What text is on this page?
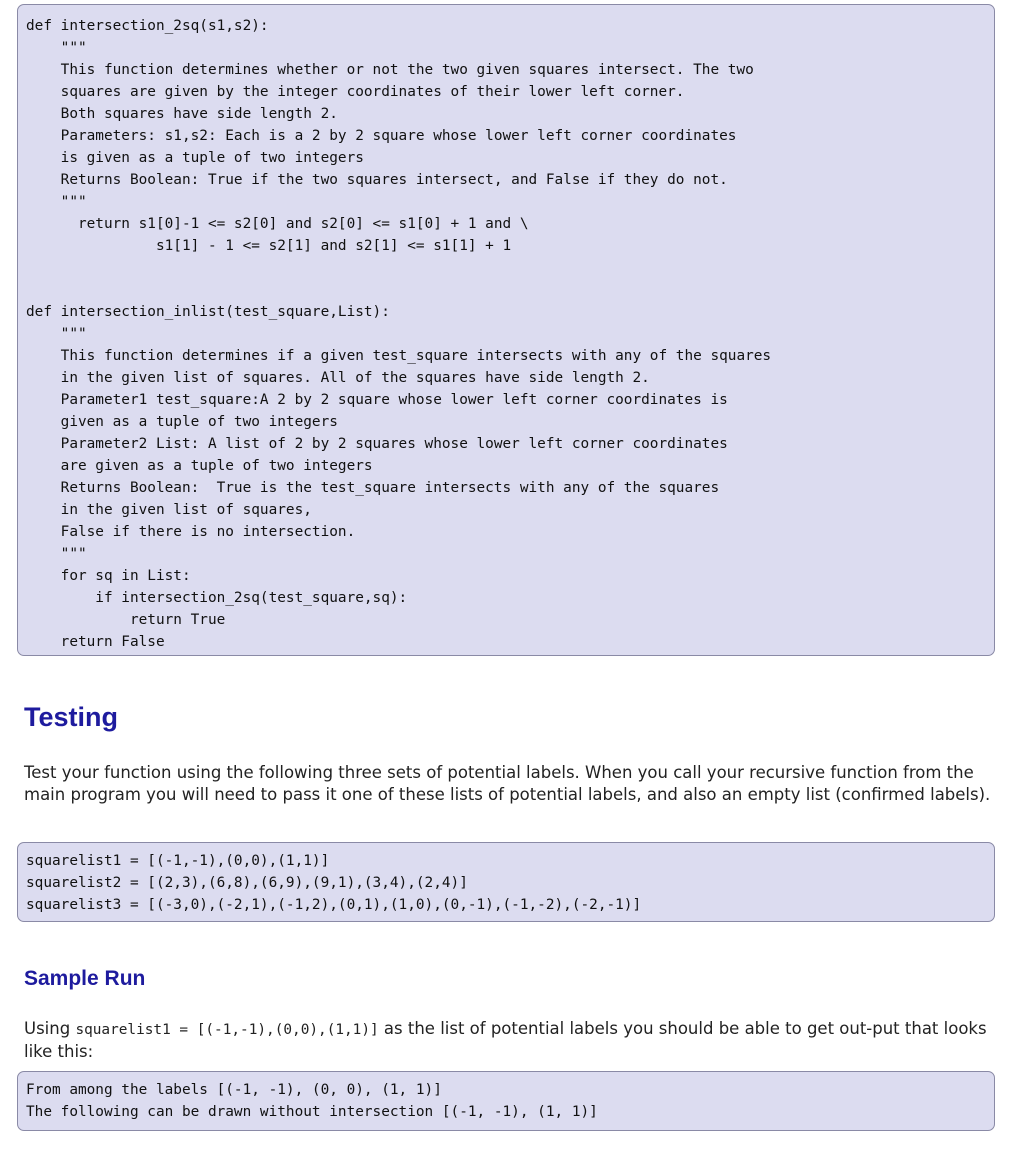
def intersection_2sq(s1,s2):
"""
This function determines whether or not the two given squares intersect. The two
squares are given by the integer coordinates of their lower left corner.
Both squares have side length 2.
Parameters: s1,s2: Each is a 2 by 2 square whose lower left corner coordinates
is given as a tuple of two integers
Returns Boolean: True if the two squares intersect, and False if they do not.
"""
return s1[0]-1 <= s2[0] and s2[0] <= s1[0] + 1 and \
s1[1] - 1 <= s2[1] and s2[1] <= s1[1] + 1
def intersection_inlist(test_square,List):
"""
This function determines if a given test_square intersects with any of the squares
in the given list of squares. All of the squares have side length 2.
Parameter1 test_square:A 2 by 2 square whose lower left corner coordinates is
given as a tuple of two integers
Parameter2 List: A list of 2 by 2 squares whose lower left corner coordinates
are given as a tuple of two integers
Returns Boolean:  True is the test_square intersects with any of the squares
in the given list of squares,
False if there is no intersection.
"""
for sq in List:
if intersection_2sq(test_square,sq):
return True
return False
Testing

Test your function using the following three sets of potential labels. When you call your recursive function from the main program you will need to pass it one of these lists of potential labels, and also an empty list (confirmed labels).

squarelist1 = [(-1,-1),(0,0),(1,1)]
squarelist2 = [(2,3),(6,8),(6,9),(9,1),(3,4),(2,4)]
squarelist3 = [(-3,0),(-2,1),(-1,2),(0,1),(1,0),(0,-1),(-1,-2),(-2,-1)]
Sample Run

Using squarelist1 = [(-1,-1),(0,0),(1,1)] as the list of potential labels you should be able to get out-put that looks like this:

From among the labels [(-1, -1), (0, 0), (1, 1)]
The following can be drawn without intersection [(-1, -1), (1, 1)]
